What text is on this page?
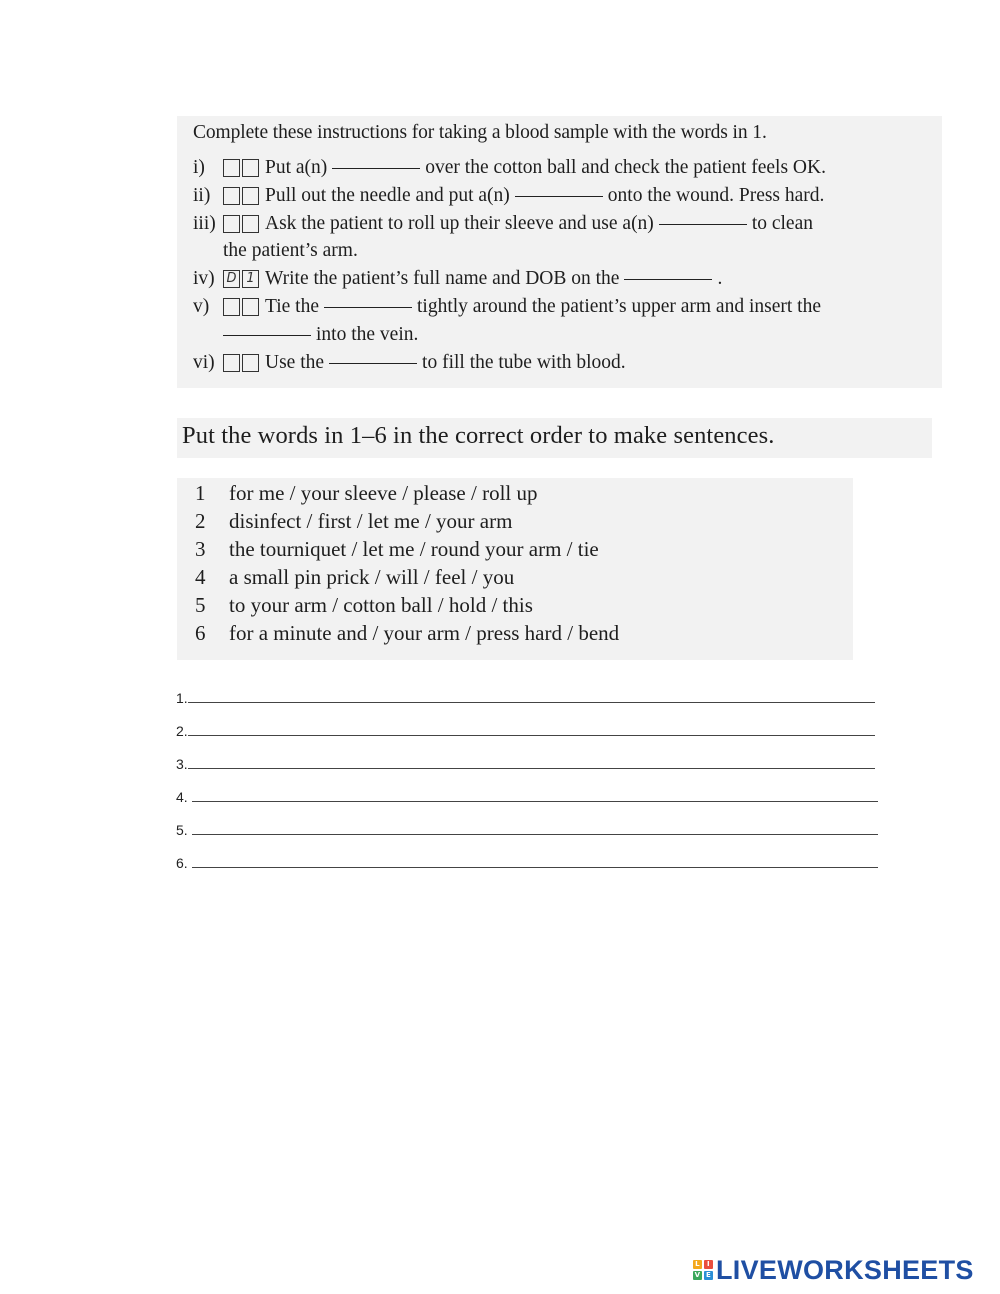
Complete these instructions for taking a blood sample with the words in 1.
i)	Put a(n)	over the cotton ball and check the patient feels OK.
ii)	Pull out the needle and put a(n)	onto the wound. Press hard.
iii)	Ask the patient to roll up their sleeve and use a(n)	to clean
the patient’s arm.
iv) D 1 Write the patient’s full name and DOB on the	.
v)	Tie the	tightly around the patient’s upper arm and insert the
into the vein.
vi)	Use the	to fill the tube with blood.
Put the words in 1–6 in the correct order to make sentences.
1 for me / your sleeve / please / roll up
2 disinfect / first / let me / your arm
3 the tourniquet / let me / round your arm / tie
4 a small pin prick / will / feel / you
5 to your arm / cotton ball / hold / this
6 for a minute and / your arm / press hard / bend
1.
2.
3.
4.
5.
6.
L	I
V E LIVEWORKSHEETS
